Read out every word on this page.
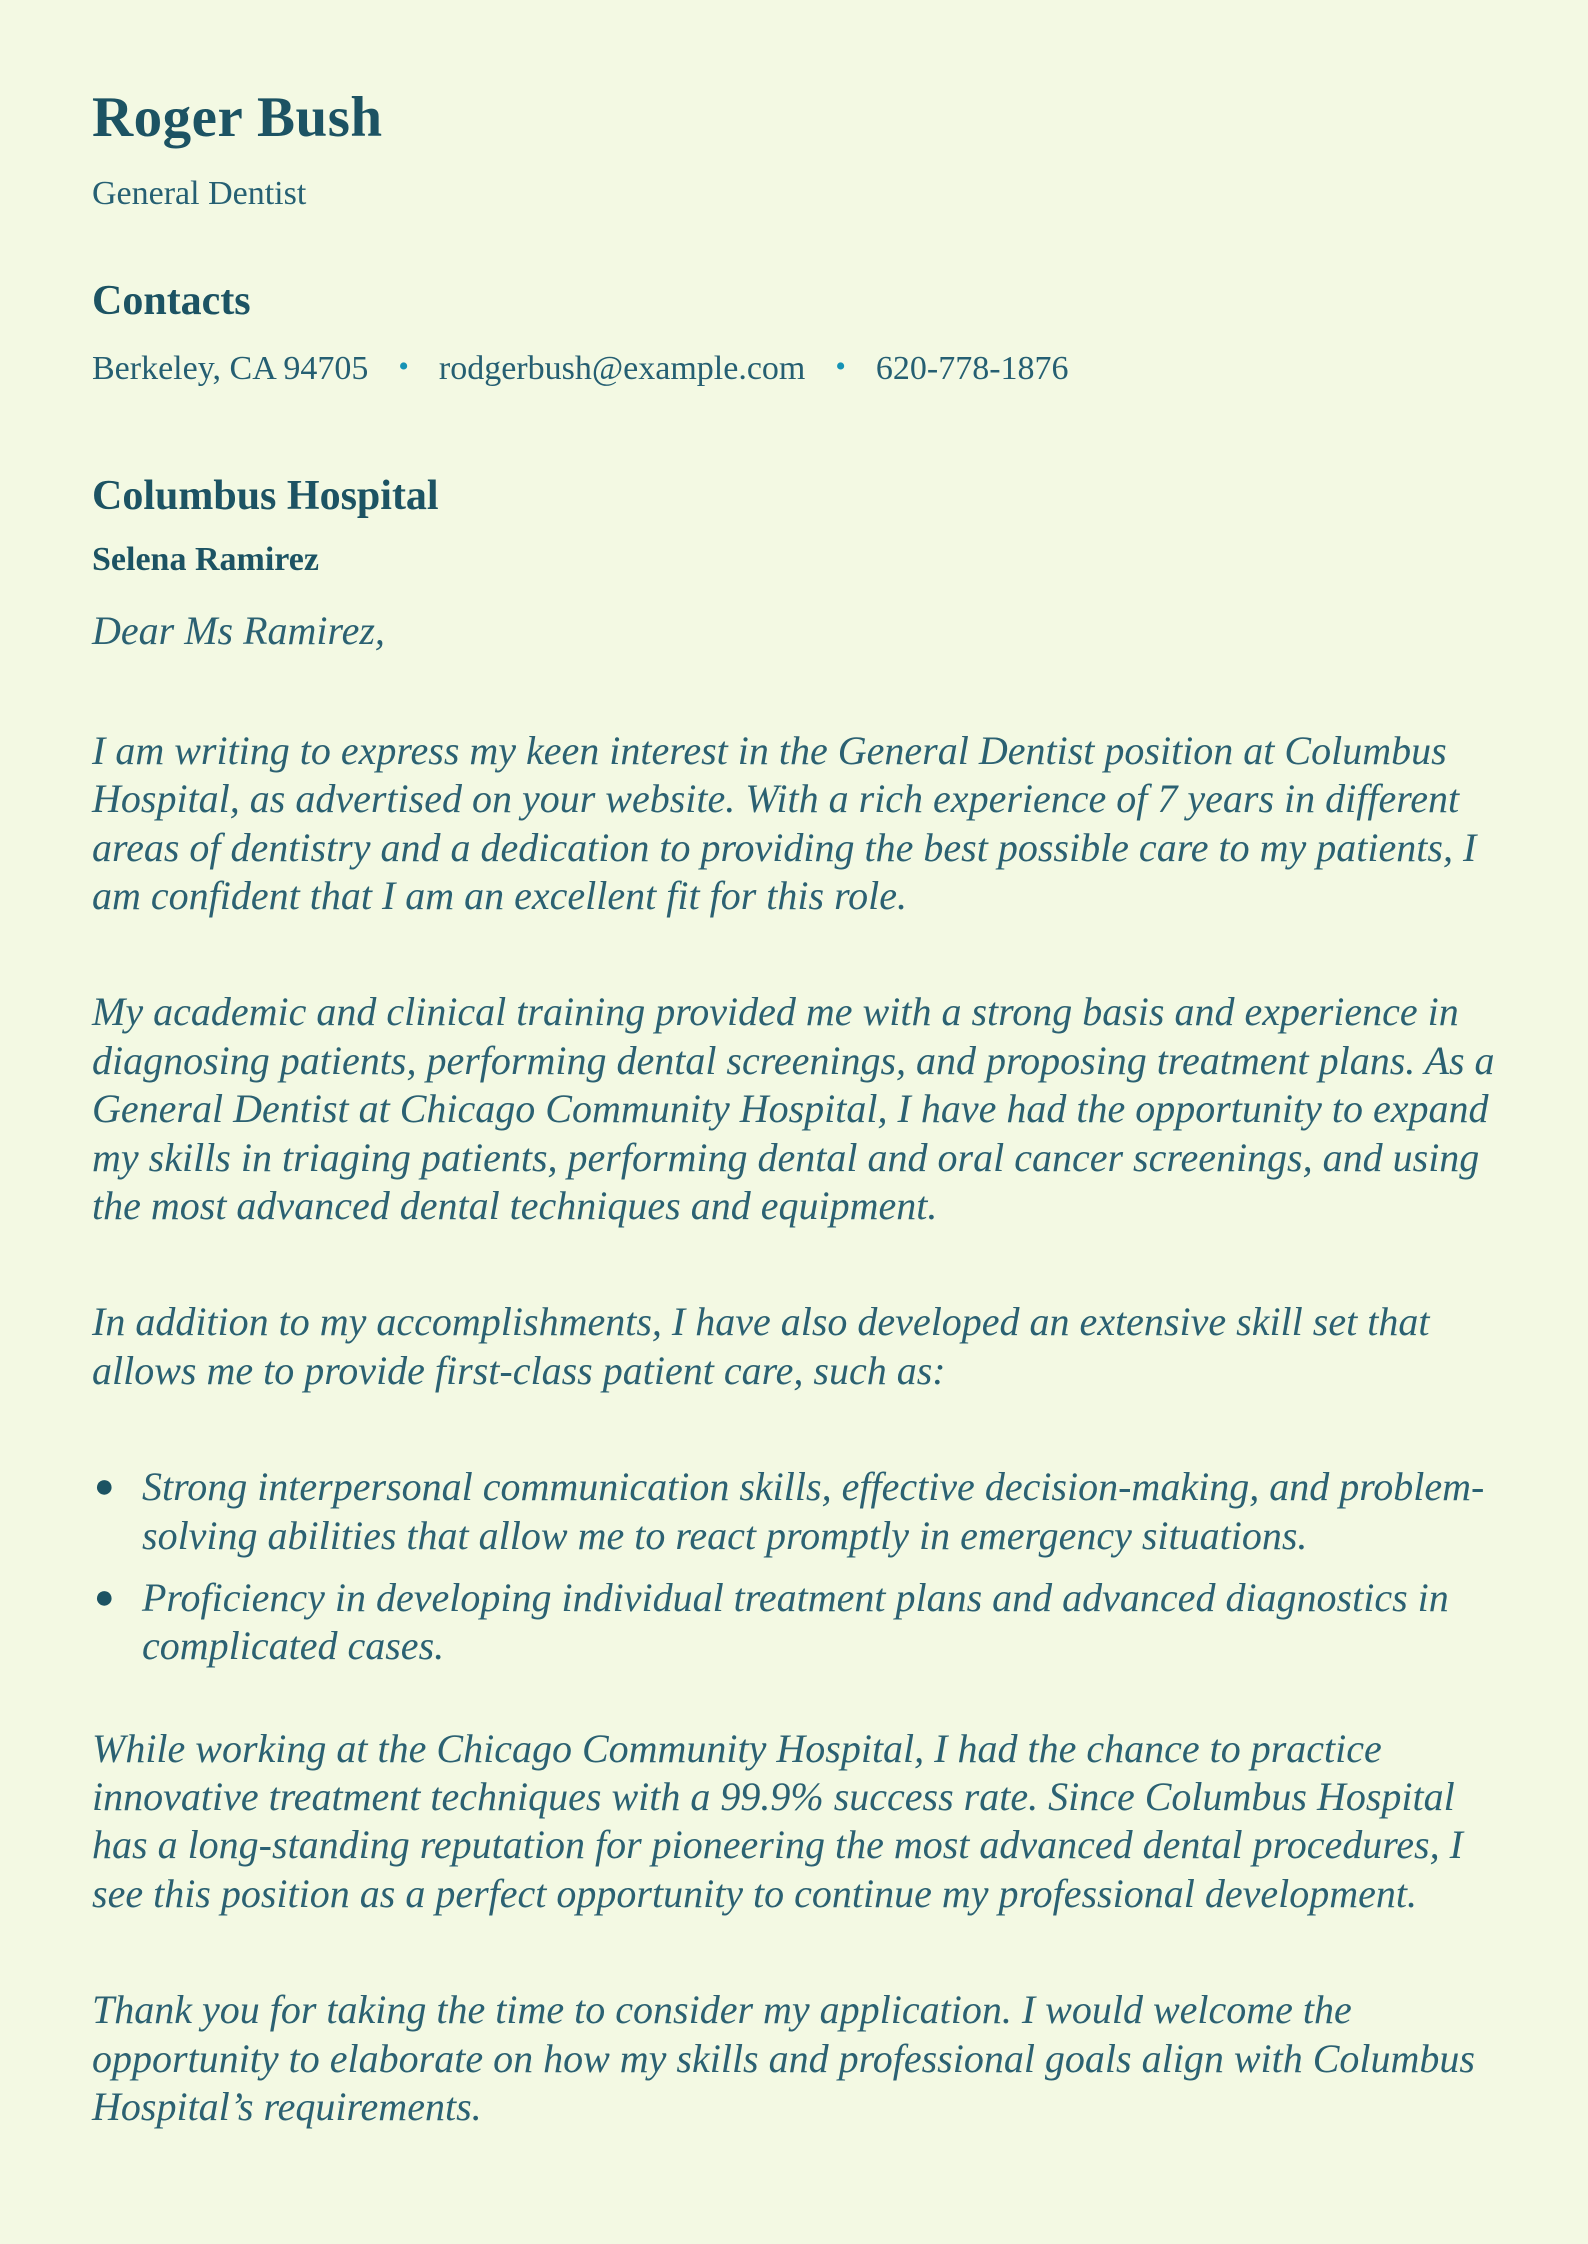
Roger Bush
General Dentist
Contacts
Berkeley, CA 94705 • rodgerbush@example.com • 620-778-1876
Columbus Hospital
Selena Ramirez
Dear Ms Ramirez,

I am writing to express my keen interest in the General Dentist position at Columbus Hospital, as advertised on your website. With a rich experience of 7 years in different areas of dentistry and a dedication to providing the best possible care to my patients, I am confident that I am an excellent fit for this role.

My academic and clinical training provided me with a strong basis and experience in diagnosing patients, performing dental screenings, and proposing treatment plans. As a General Dentist at Chicago Community Hospital, I have had the opportunity to expand my skills in triaging patients, performing dental and oral cancer screenings, and using the most advanced dental techniques and equipment.

In addition to my accomplishments, I have also developed an extensive skill set that allows me to provide first-class patient care, such as:

● Strong interpersonal communication skills, effective decision-making, and problem-solving abilities that allow me to react promptly in emergency situations.
● Proficiency in developing individual treatment plans and advanced diagnostics in complicated cases.

While working at the Chicago Community Hospital, I had the chance to practice innovative treatment techniques with a 99.9% success rate. Since Columbus Hospital has a long-standing reputation for pioneering the most advanced dental procedures, I see this position as a perfect opportunity to continue my professional development.

Thank you for taking the time to consider my application. I would welcome the opportunity to elaborate on how my skills and professional goals align with Columbus Hospital’s requirements.
